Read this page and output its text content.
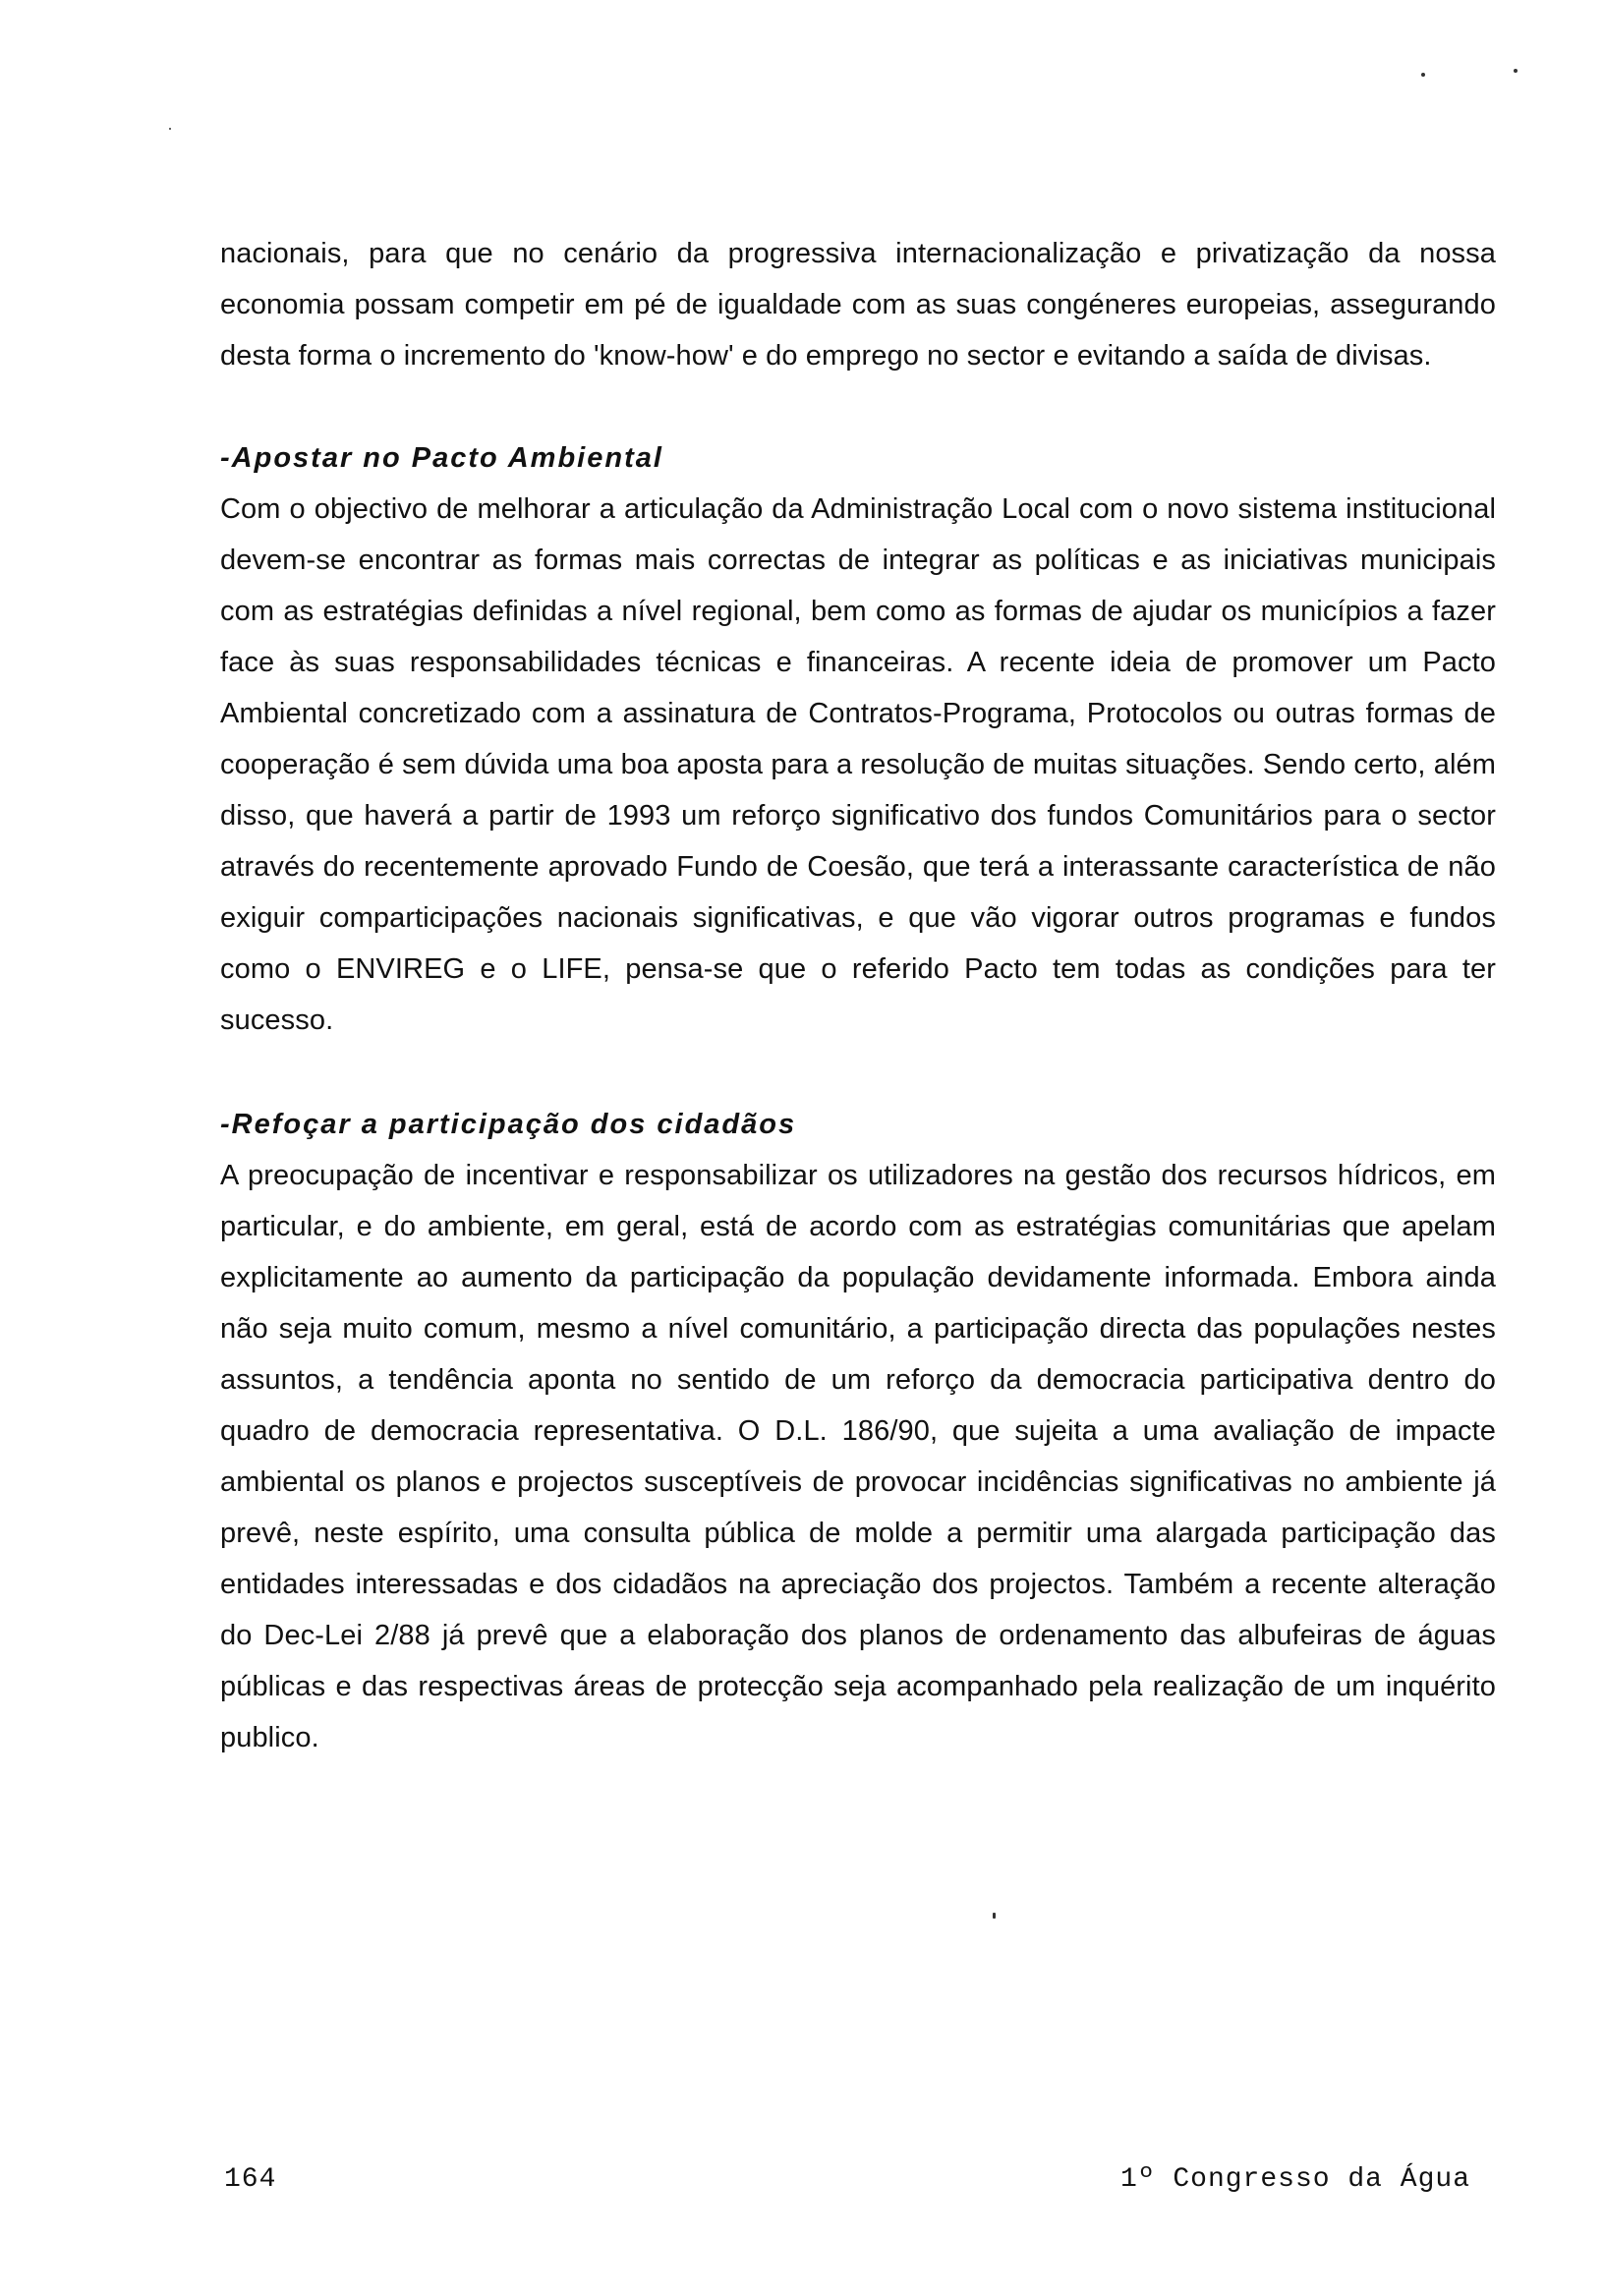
nacionais, para que no cenário da progressiva internacionalização e privatização da nossa economia possam competir em pé de igualdade com as suas congéneres europeias, assegurando desta forma o incremento do 'know-how' e do emprego no sector e evitando a saída de divisas.

-Apostar no Pacto Ambiental

Com o objectivo de melhorar a articulação da Administração Local com o novo sistema institucional devem-se encontrar as formas mais correctas de integrar as políticas e as iniciativas municipais com as estratégias definidas a nível regional, bem como as formas de ajudar os municípios a fazer face às suas responsabilidades técnicas e financeiras. A recente ideia de promover um Pacto Ambiental concretizado com a assinatura de Contratos-Programa, Protocolos ou outras formas de cooperação é sem dúvida uma boa aposta para a resolução de muitas situações. Sendo certo, além disso, que haverá a partir de 1993 um reforço significativo dos fundos Comunitários para o sector através do recentemente aprovado Fundo de Coesão, que terá a interassante característica de não exiguir comparticipações nacionais significativas, e que vão vigorar outros programas e fundos como o ENVIREG e o LIFE, pensa-se que o referido Pacto tem todas as condições para ter sucesso.

-Refoçar a participação dos cidadãos

A preocupação de incentivar e responsabilizar os utilizadores na gestão dos recursos hídricos, em particular, e do ambiente, em geral, está de acordo com as estratégias comunitárias que apelam explicitamente ao aumento da participação da população devidamente informada. Embora ainda não seja muito comum, mesmo a nível comunitário, a participação directa das populações nestes assuntos, a tendência aponta no sentido de um reforço da democracia participativa dentro do quadro de democracia representativa. O D.L. 186/90, que sujeita a uma avaliação de impacte ambiental os planos e projectos susceptíveis de provocar incidências significativas no ambiente já prevê, neste espírito, uma consulta pública de molde a permitir uma alargada participação das entidades interessadas e dos cidadãos na apreciação dos projectos. Também a recente alteração do Dec-Lei 2/88 já prevê que a elaboração dos planos de ordenamento das albufeiras de águas públicas e das respectivas áreas de protecção seja acompanhado pela realização de um inquérito publico.

164	1º Congresso da Água
